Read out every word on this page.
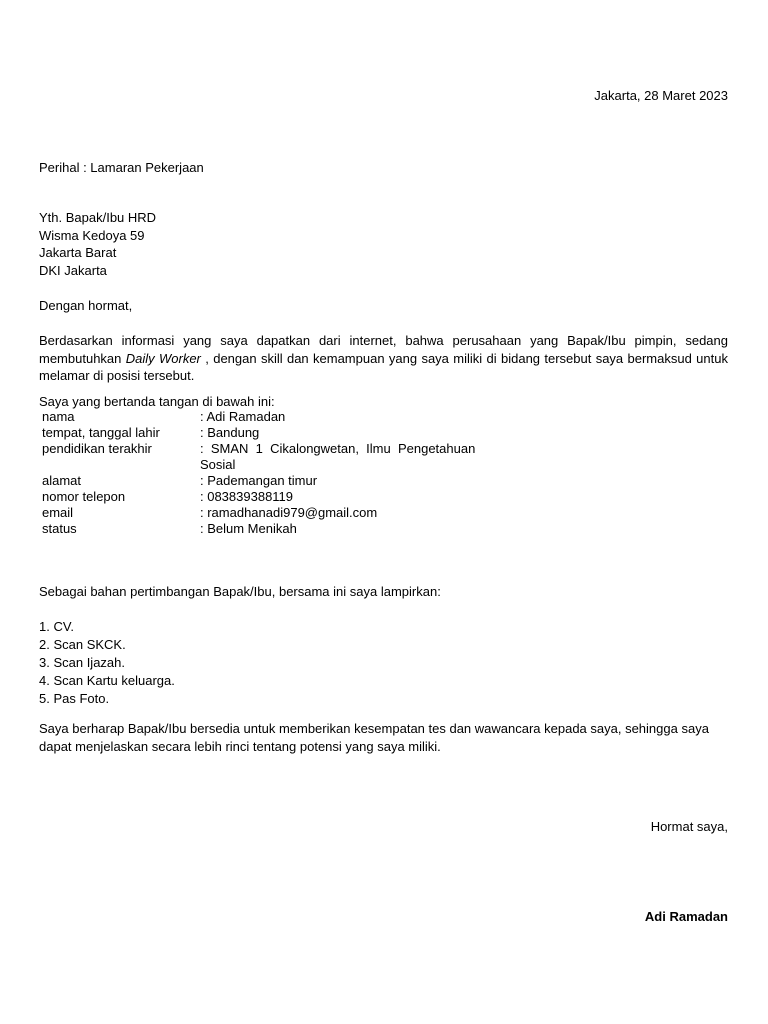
Jakarta, 28 Maret 2023
Perihal : Lamaran Pekerjaan
Yth. Bapak/Ibu HRD
Wisma Kedoya 59
Jakarta Barat
DKI Jakarta
Dengan hormat,
Berdasarkan informasi yang saya dapatkan dari internet, bahwa perusahaan yang Bapak/Ibu pimpin, sedang membutuhkan Daily Worker , dengan skill dan kemampuan yang saya miliki di bidang tersebut saya bermaksud untuk melamar di posisi tersebut.
Saya yang bertanda tangan di bawah ini:
nama	: Adi Ramadan
tempat, tanggal lahir	: Bandung
pendidikan terakhir	:  SMAN  1  Cikalongwetan,  Ilmu  Pengetahuan
Sosial

alamat	: Pademangan timur
nomor telepon	: 083839388119
email	: ramadhanadi979@gmail.com
status	: Belum Menikah
Sebagai bahan pertimbangan Bapak/Ibu, bersama ini saya lampirkan:
1. CV.
2. Scan SKCK.
3. Scan Ijazah.
4. Scan Kartu keluarga.
5. Pas Foto.
Saya berharap Bapak/Ibu bersedia untuk memberikan kesempatan tes dan wawancara kepada saya, sehingga saya dapat menjelaskan secara lebih rinci tentang potensi yang saya miliki.
Hormat saya,
Adi Ramadan
